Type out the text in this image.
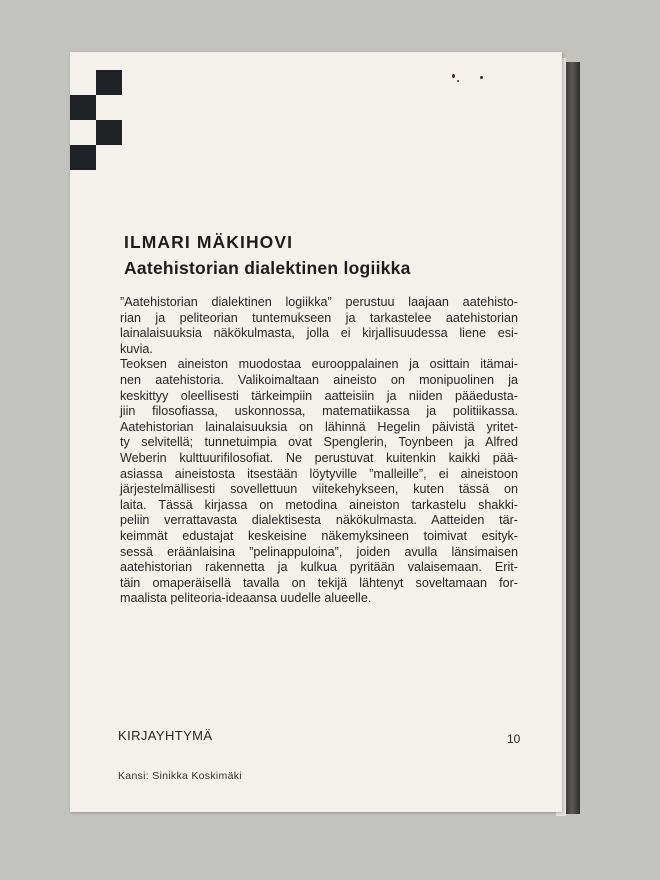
ILMARI MÄKIHOVI
Aatehistorian dialektinen logiikka
”Aatehistorian dialektinen logiikka” perustuu laajaan aatehisto-
rian ja peliteorian tuntemukseen ja tarkastelee aatehistorian
lainalaisuuksia näkökulmasta, jolla ei kirjallisuudessa liene esi-
kuvia.
Teoksen aineiston muodostaa eurooppalainen ja osittain itämai-
nen aatehistoria. Valikoimaltaan aineisto on monipuolinen ja
keskittyy oleellisesti tärkeimpiin aatteisiin ja niiden pääedusta-
jiin filosofiassa, uskonnossa, matematiikassa ja politiikassa.
Aatehistorian lainalaisuuksia on lähinnä Hegelin päivistä yritet-
ty selvitellä; tunnetuimpia ovat Spenglerin, Toynbeen ja Alfred
Weberin kulttuurifilosofiat. Ne perustuvat kuitenkin kaikki pää-
asiassa aineistosta itsestään löytyville ”malleille”, ei aineistoon
järjestelmällisesti sovellettuun viitekehykseen, kuten tässä on
laita. Tässä kirjassa on metodina aineiston tarkastelu shakki-
peliin verrattavasta dialektisesta näkökulmasta. Aatteiden tär-
keimmät edustajat keskeisine näkemyksineen toimivat esityk-
sessä eräänlaisina ”pelinappuloina”, joiden avulla länsimaisen
aatehistorian rakennetta ja kulkua pyritään valaisemaan. Erit-
täin omaperäisellä tavalla on tekijä lähtenyt soveltamaan for-
maalista peliteoria-ideaansa uudelle alueelle.
KIRJAYHTYMÄ	10
Kansi: Sinikka Koskimäki
